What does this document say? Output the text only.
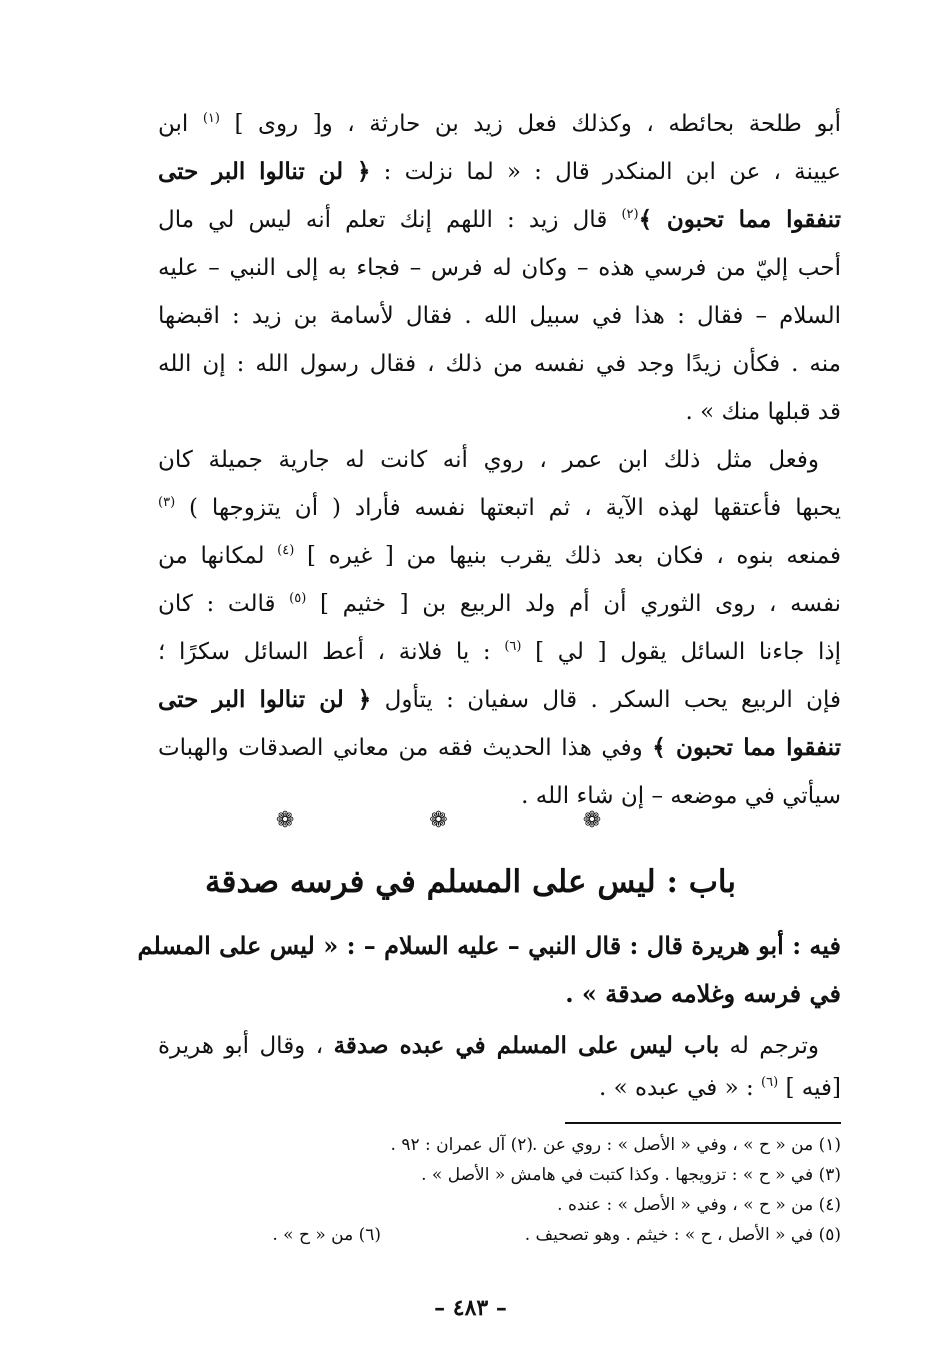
أبو طلحة بحائطه ، وكذلك فعل زيد بن حارثة ، و[ روى ] $^{(١)}$ ابن
عيينة ، عن ابن المنكدر قال : « لما نزلت : ﴿ لن تنالوا البر حتى
تنفقوا مما تحبون ﴾$^{(٢)}$ قال زيد : اللهم إنك تعلم أنه ليس لي مال
أحب إليّ من فرسي هذه – وكان له فرس – فجاء به إلى النبي – عليه
السلام – فقال : هذا في سبيل الله . فقال لأسامة بن زيد : اقبضها
منه . فكأن زيدًا وجد في نفسه من ذلك ، فقال رسول الله : إن الله
قد قبلها منك » .
وفعل مثل ذلك ابن عمر ، روي أنه كانت له جارية جميلة كان
يحبها فأعتقها لهذه الآية ، ثم اتبعتها نفسه فأراد ( أن يتزوجها ) $^{(٣)}$
فمنعه بنوه ، فكان بعد ذلك يقرب بنيها من [ غيره ] $^{(٤)}$ لمكانها من
نفسه ، روى الثوري أن أم ولد الربيع بن [ خثيم ] $^{(٥)}$ قالت : كان
إذا جاءنا السائل يقول [ لي ] $^{(٦)}$ : يا فلانة ، أعط السائل سكرًا ؛
فإن الربيع يحب السكر . قال سفيان : يتأول ﴿ لن تنالوا البر حتى
تنفقوا مما تحبون ﴾ وفي هذا الحديث فقه من معاني الصدقات والهبات
سيأتي في موضعه – إن شاء الله .
❁ ❁ ❁
باب : ليس على المسلم في فرسه صدقة
فيه : أبو هريرة قال : قال النبي – عليه السلام – : « ليس على المسلم
في فرسه وغلامه صدقة » .
وترجم له باب ليس على المسلم في عبده صدقة ، وقال أبو هريرة
[فيه ] $^{(٦)}$ : « في عبده » .
(١) من « ح » ، وفي « الأصل » : روي عن .
(٢) آل عمران : ٩٢ .
(٣) في « ح » : تزويجها . وكذا كتبت في هامش « الأصل » .
(٤) من « ح » ، وفي « الأصل » : عنده .
(٥) في « الأصل ، ح » : خيثم . وهو تصحيف .
(٦) من « ح » .
– ٤٨٣ –
